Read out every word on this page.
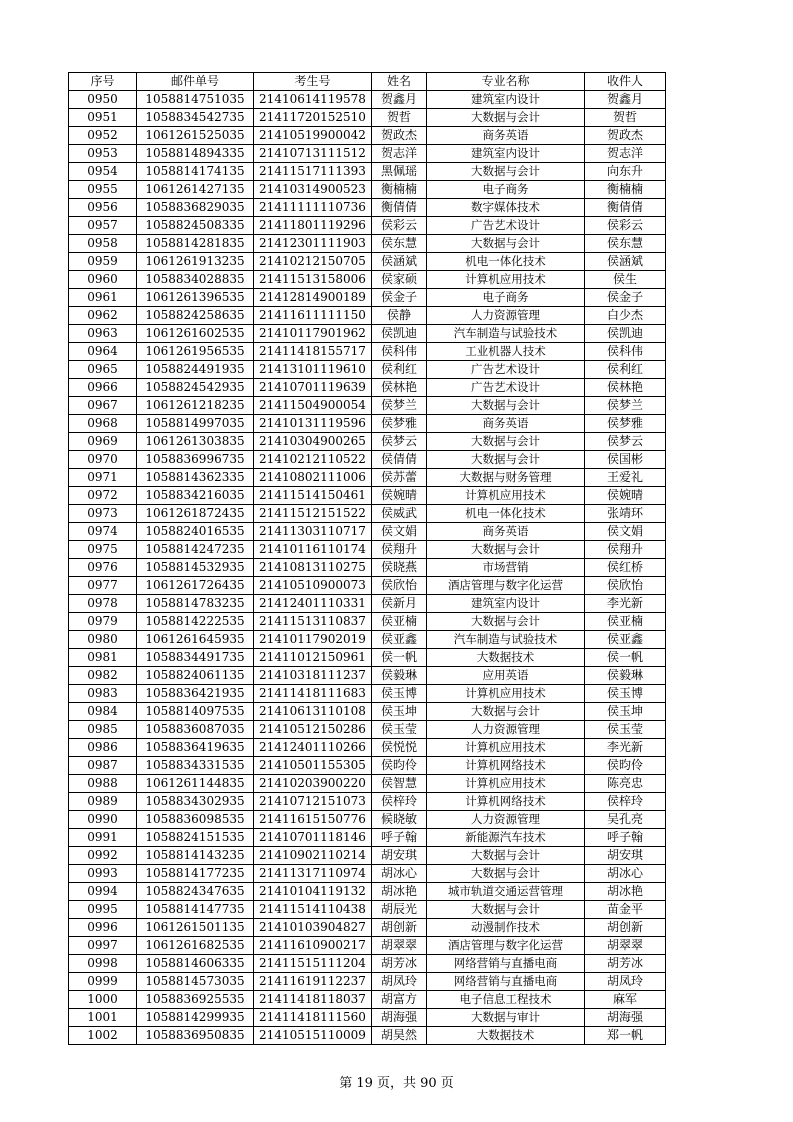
序号	邮件单号	考生号	姓名	专业名称	收件人
0950	1058814751035	21410614119578	贺鑫月	建筑室内设计	贺鑫月
0951	1058834542735	21411720152510	贺哲	大数据与会计	贺哲
0952	1061261525035	21410519900042	贺政杰	商务英语	贺政杰
0953	1058814894335	21410713111512	贺志洋	建筑室内设计	贺志洋
0954	1058814174135	21411517111393	黑佩瑶	大数据与会计	向东升
0955	1061261427135	21410314900523	衡楠楠	电子商务	衡楠楠
0956	1058836829035	21411111110736	衡倩倩	数字媒体技术	衡倩倩
0957	1058824508335	21411801119296	侯彩云	广告艺术设计	侯彩云
0958	1058814281835	21412301111903	侯东慧	大数据与会计	侯东慧
0959	1061261913235	21410212150705	侯涵斌	机电一体化技术	侯涵斌
0960	1058834028835	21411513158006	侯家硕	计算机应用技术	侯生
0961	1061261396535	21412814900189	侯金子	电子商务	侯金子
0962	1058824258635	21411611111150	侯静	人力资源管理	白少杰
0963	1061261602535	21410117901962	侯凯迪	汽车制造与试验技术	侯凯迪
0964	1061261956535	21411418155717	侯科伟	工业机器人技术	侯科伟
0965	1058824491935	21413101119610	侯利红	广告艺术设计	侯利红
0966	1058824542935	21410701119639	侯林艳	广告艺术设计	侯林艳
0967	1061261218235	21411504900054	侯梦兰	大数据与会计	侯梦兰
0968	1058814997035	21410131119596	侯梦雅	商务英语	侯梦雅
0969	1061261303835	21410304900265	侯梦云	大数据与会计	侯梦云
0970	1058836996735	21410212110522	侯倩倩	大数据与会计	侯国彬
0971	1058814362335	21410802111006	侯苏蕾	大数据与财务管理	王爱礼
0972	1058834216035	21411514150461	侯婉晴	计算机应用技术	侯婉晴
0973	1061261872435	21411512151522	侯威武	机电一体化技术	张靖环
0974	1058824016535	21411303110717	侯文娟	商务英语	侯文娟
0975	1058814247235	21410116110174	侯翔升	大数据与会计	侯翔升
0976	1058814532935	21410813110275	侯晓燕	市场营销	侯红桥
0977	1061261726435	21410510900073	侯欣怡	酒店管理与数字化运营	侯欣怡
0978	1058814783235	21412401110331	侯新月	建筑室内设计	李光新
0979	1058814222535	21411513110837	侯亚楠	大数据与会计	侯亚楠
0980	1061261645935	21410117902019	侯亚鑫	汽车制造与试验技术	侯亚鑫
0981	1058834491735	21411012150961	侯一帆	大数据技术	侯一帆
0982	1058824061135	21410318111237	侯毅琳	应用英语	侯毅琳
0983	1058836421935	21411418111683	侯玉博	计算机应用技术	侯玉博
0984	1058814097535	21410613110108	侯玉坤	大数据与会计	侯玉坤
0985	1058836087035	21410512150286	侯玉莹	人力资源管理	侯玉莹
0986	1058836419635	21412401110266	侯悦悦	计算机应用技术	李光新
0987	1058834331535	21410501155305	侯昀伶	计算机网络技术	侯昀伶
0988	1061261144835	21410203900220	侯智慧	计算机应用技术	陈亮忠
0989	1058834302935	21410712151073	侯梓玲	计算机网络技术	侯梓玲
0990	1058836098535	21411615150776	候晓敏	人力资源管理	吴孔亮
0991	1058824151535	21410701118146	呼子翰	新能源汽车技术	呼子翰
0992	1058814143235	21410902110214	胡安琪	大数据与会计	胡安琪
0993	1058814177235	21411317110974	胡冰心	大数据与会计	胡冰心
0994	1058824347635	21410104119132	胡冰艳	城市轨道交通运营管理	胡冰艳
0995	1058814147735	21411514110438	胡辰光	大数据与会计	苗金平
0996	1061261501135	21410103904827	胡创新	动漫制作技术	胡创新
0997	1061261682535	21411610900217	胡翠翠	酒店管理与数字化运营	胡翠翠
0998	1058814606335	21411515111204	胡芳冰	网络营销与直播电商	胡芳冰
0999	1058814573035	21411619112237	胡凤玲	网络营销与直播电商	胡凤玲
1000	1058836925535	21411418118037	胡富方	电子信息工程技术	麻军
1001	1058814299935	21411418111560	胡海强	大数据与审计	胡海强
1002	1058836950835	21410515110009	胡昊然	大数据技术	郑一帆
第 19 页，共 90 页
